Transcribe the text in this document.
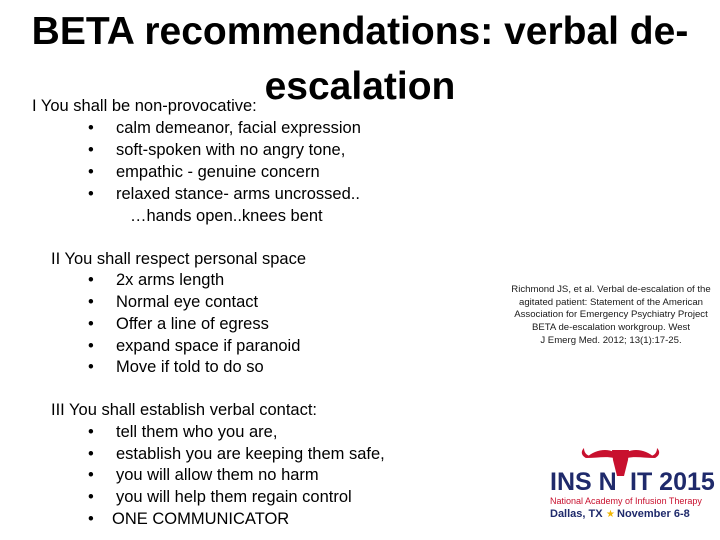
BETA recommendations: verbal de-
escalation
I You shall be non-provocative:
• calm demeanor, facial expression
• soft-spoken with no angry tone,
• empathic - genuine concern
• relaxed stance- arms uncrossed..
…hands open..knees bent
II You shall respect personal space
• 2x arms length
• Normal eye contact
• Offer a line of egress
• expand space if paranoid
• Move if told to do so
III You shall establish verbal contact:
• tell them who you are,
• establish you are keeping them safe,
• you will allow them no harm
• you will help them regain control
• ONE COMMUNICATOR
Richmond JS, et al. Verbal de-escalation of the
agitated patient: Statement of the American
Association for Emergency Psychiatry Project
BETA de-escalation workgroup. West
J Emerg Med. 2012; 13(1):17-25.
INS N IT 2015
National Academy of Infusion Therapy
Dallas, TX ★ November 6-8
